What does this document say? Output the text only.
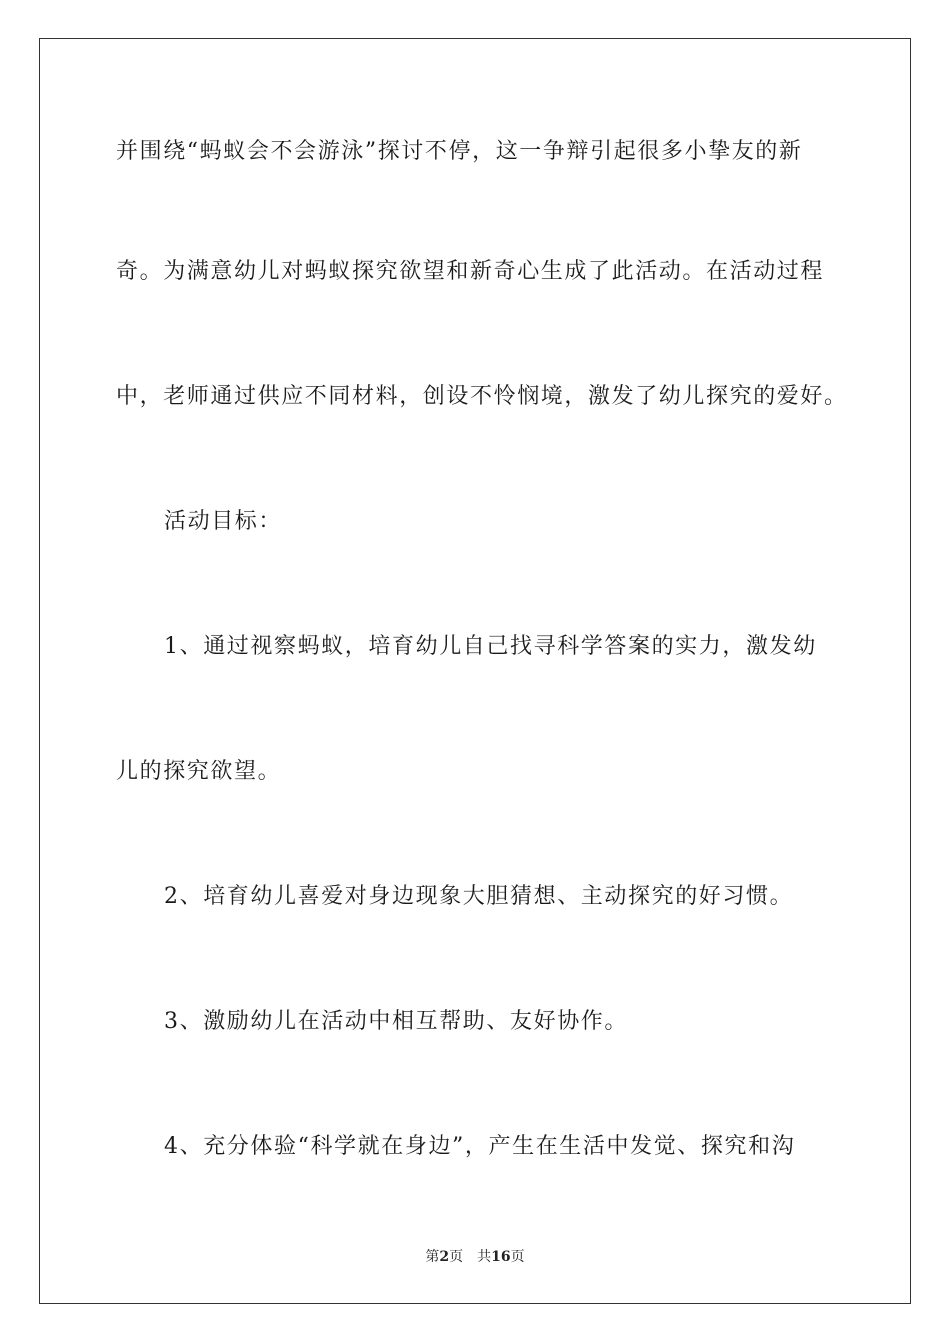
并围绕“蚂蚁会不会游泳”探讨不停，这一争辩引起很多小挚友的新
奇。为满意幼儿对蚂蚁探究欲望和新奇心生成了此活动。在活动过程
中，老师通过供应不同材料，创设不怜悯境，激发了幼儿探究的爱好。
活动目标：
1、通过视察蚂蚁，培育幼儿自己找寻科学答案的实力，激发幼
儿的探究欲望。
2、培育幼儿喜爱对身边现象大胆猜想、主动探究的好习惯。
3、激励幼儿在活动中相互帮助、友好协作。
4、充分体验“科学就在身边”，产生在生活中发觉、探究和沟
第2页 共16页
